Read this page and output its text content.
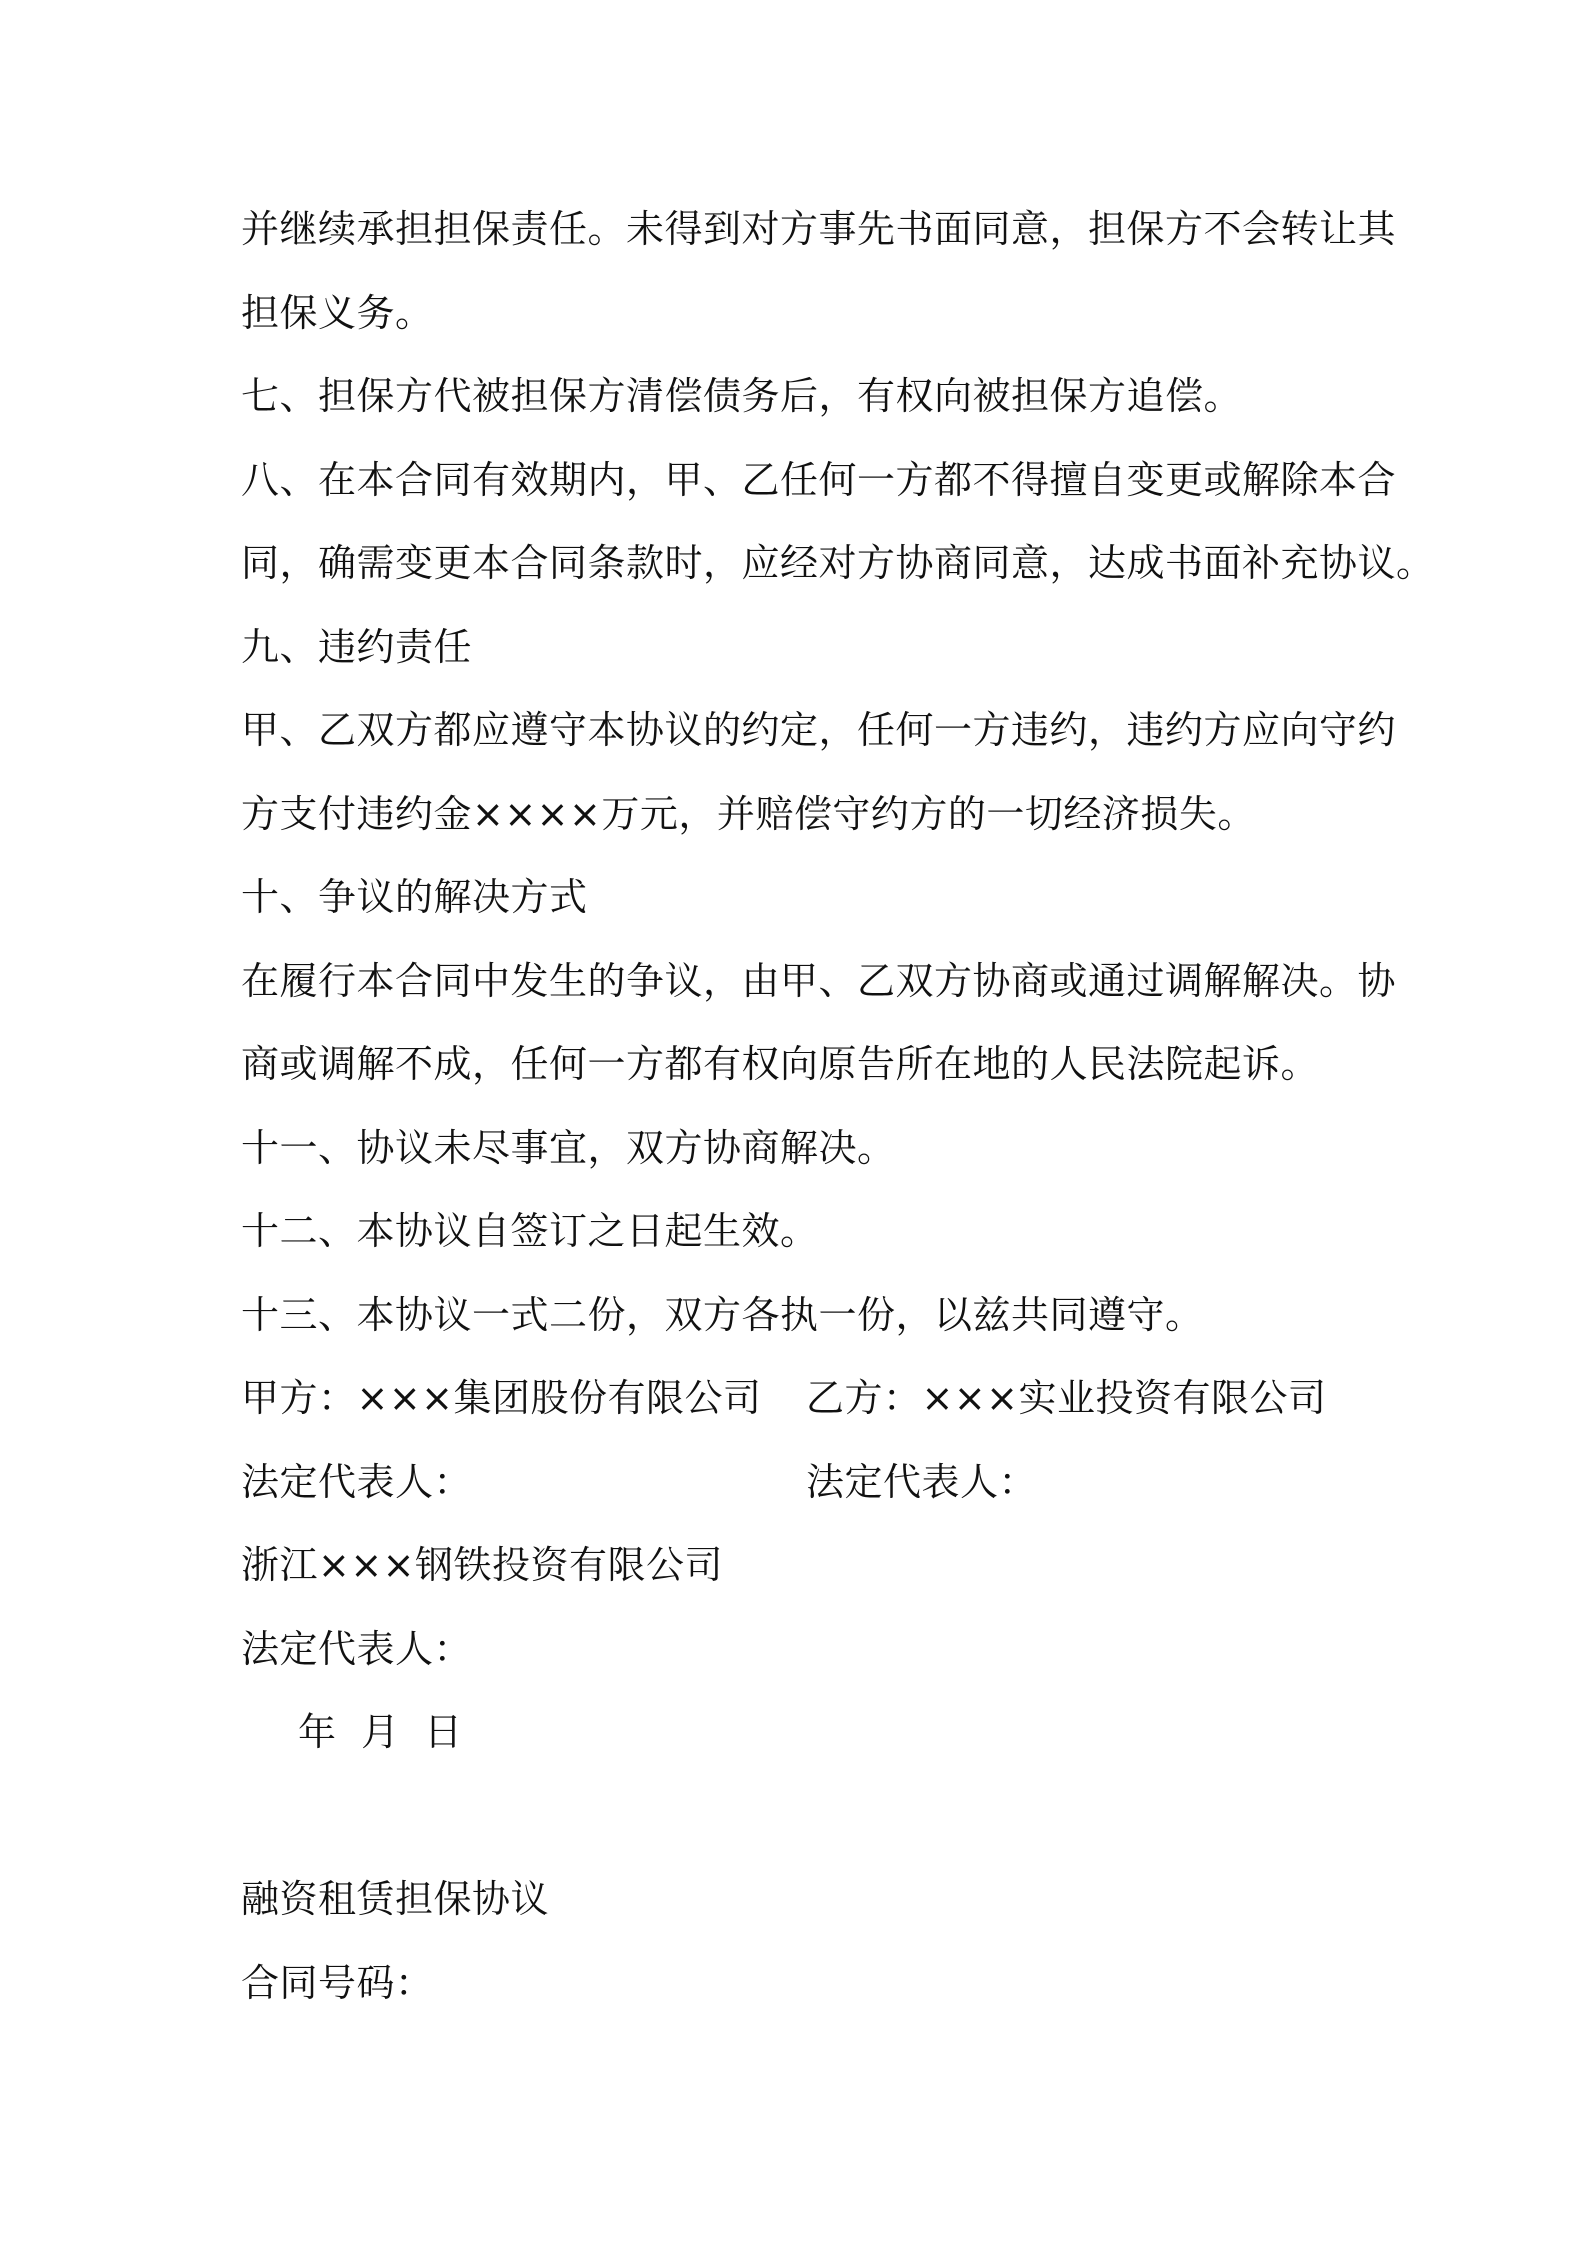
并继续承担担保责任。未得到对方事先书面同意，担保方不会转让其
担保义务。
七、担保方代被担保方清偿债务后，有权向被担保方追偿。
八、在本合同有效期内，甲、乙任何一方都不得擅自变更或解除本合
同，确需变更本合同条款时，应经对方协商同意，达成书面补充协议。
九、违约责任
甲、乙双方都应遵守本协议的约定，任何一方违约，违约方应向守约
方支付违约金××××万元，并赔偿守约方的一切经济损失。
十、争议的解决方式
在履行本合同中发生的争议，由甲、乙双方协商或通过调解解决。协
商或调解不成，任何一方都有权向原告所在地的人民法院起诉。
十一、协议未尽事宜，双方协商解决。
十二、本协议自签订之日起生效。
十三、本协议一式二份，双方各执一份，以兹共同遵守。
甲方：×××集团股份有限公司 乙方：×××实业投资有限公司
法定代表人：	法定代表人：
浙江×××钢铁投资有限公司
法定代表人：
年 月 日
融资租赁担保协议
合同号码：
